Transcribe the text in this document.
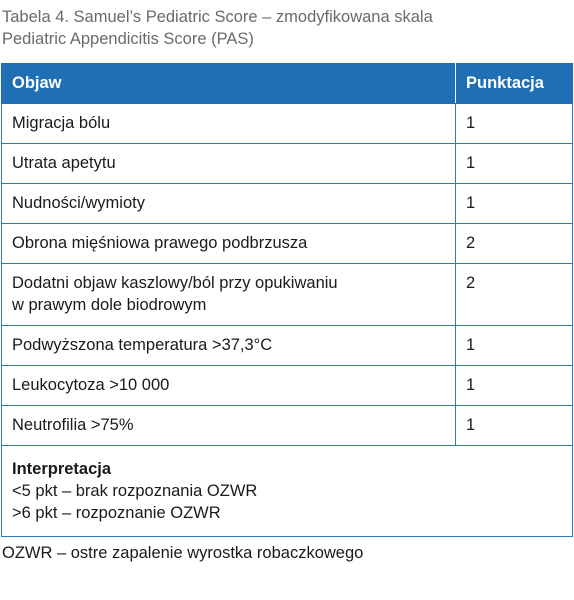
Tabela 4. Samuel’s Pediatric Score – zmodyfikowana skala
Pediatric Appendicitis Score (PAS)
Objaw	Punktacja
Migracja bólu	1
Utrata apetytu	1
Nudności/wymioty	1
Obrona mięśniowa prawego podbrzusza	2

Dodatni objaw kaszlowy/ból przy opukiwaniu
w prawym dole biodrowym	2
Podwyższona temperatura >37,3°C	1
Leukocytoza >10 000	1
Neutrofilia >75%	1

Interpretacja
<5 pkt – brak rozpoznania OZWR
>6 pkt – rozpoznanie OZWR	
OZWR – ostre zapalenie wyrostka robaczkowego
